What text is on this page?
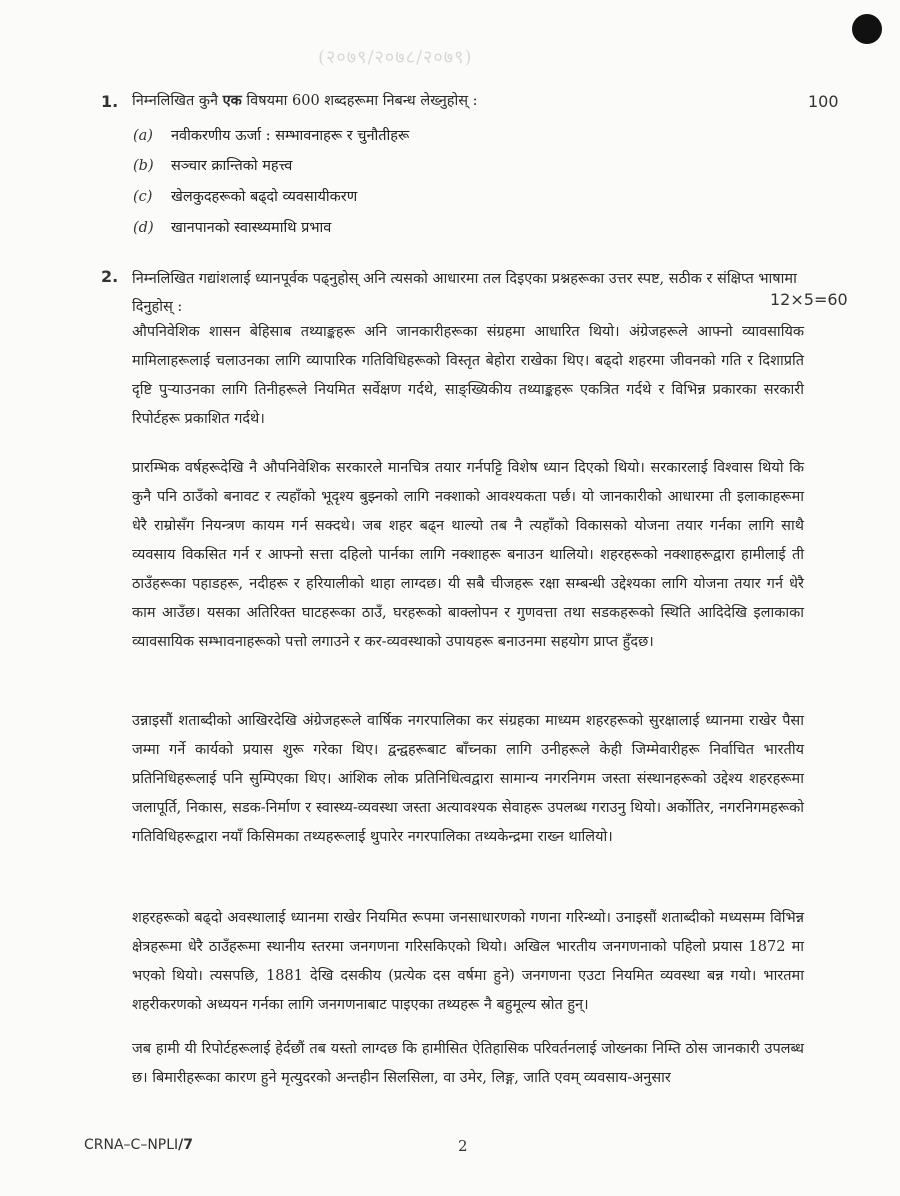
(२०७९/२०७८/२०७९)
1. निम्नलिखित कुनै एक विषयमा 600 शब्दहरूमा निबन्ध लेख्नुहोस् :	100
(a) नवीकरणीय ऊर्जा : सम्भावनाहरू र चुनौतीहरू
(b) सञ्चार क्रान्तिको महत्त्व
(c) खेलकुदहरूको बढ्दो व्यवसायीकरण
(d) खानपानको स्वास्थ्यमाथि प्रभाव
2. निम्नलिखित गद्यांशलाई ध्यानपूर्वक पढ्नुहोस् अनि त्यसको आधारमा तल दिइएका प्रश्नहरूका उत्तर स्पष्ट, सठीक र संक्षिप्त भाषामा दिनुहोस् :	12×5=60
औपनिवेशिक शासन बेहिसाब तथ्याङ्कहरू अनि जानकारीहरूका संग्रहमा आधारित थियो। अंग्रेजहरूले आफ्नो व्यावसायिक मामिलाहरूलाई चलाउनका लागि व्यापारिक गतिविधिहरूको विस्तृत बेहोरा राखेका थिए। बढ्दो शहरमा जीवनको गति र दिशाप्रति दृष्टि पुऱ्याउनका लागि तिनीहरूले नियमित सर्वेक्षण गर्दथे, साङ्ख्यिकीय तथ्याङ्कहरू एकत्रित गर्दथे र विभिन्न प्रकारका सरकारी रिपोर्टहरू प्रकाशित गर्दथे।
प्रारम्भिक वर्षहरूदेखि नै औपनिवेशिक सरकारले मानचित्र तयार गर्नपट्टि विशेष ध्यान दिएको थियो। सरकारलाई विश्वास थियो कि कुनै पनि ठाउँको बनावट र त्यहाँको भूदृश्य बुझ्नको लागि नक्शाको आवश्यकता पर्छ। यो जानकारीको आधारमा ती इलाकाहरूमा धेरै राम्रोसँग नियन्त्रण कायम गर्न सक्दथे। जब शहर बढ्न थाल्यो तब नै त्यहाँको विकासको योजना तयार गर्नका लागि साथै व्यवसाय विकसित गर्न र आफ्नो सत्ता दहिलो पार्नका लागि नक्शाहरू बनाउन थालियो। शहरहरूको नक्शाहरूद्वारा हामीलाई ती ठाउँहरूका पहाडहरू, नदीहरू र हरियालीको थाहा लाग्दछ। यी सबै चीजहरू रक्षा सम्बन्धी उद्देश्यका लागि योजना तयार गर्न धेरै काम आउँछ। यसका अतिरिक्त घाटहरूका ठाउँ, घरहरूको बाक्लोपन र गुणवत्ता तथा सडकहरूको स्थिति आदिदेखि इलाकाका व्यावसायिक सम्भावनाहरूको पत्तो लगाउने र कर-व्यवस्थाको उपायहरू बनाउनमा सहयोग प्राप्त हुँदछ।
उन्नाइसौं शताब्दीको आखिरदेखि अंग्रेजहरूले वार्षिक नगरपालिका कर संग्रहका माध्यम शहरहरूको सुरक्षालाई ध्यानमा राखेर पैसा जम्मा गर्ने कार्यको प्रयास शुरू गरेका थिए। द्वन्द्वहरूबाट बाँच्नका लागि उनीहरूले केही जिम्मेवारीहरू निर्वाचित भारतीय प्रतिनिधिहरूलाई पनि सुम्पिएका थिए। आंशिक लोक प्रतिनिधित्वद्वारा सामान्य नगरनिगम जस्ता संस्थानहरूको उद्देश्य शहरहरूमा जलापूर्ति, निकास, सडक-निर्माण र स्वास्थ्य-व्यवस्था जस्ता अत्यावश्यक सेवाहरू उपलब्ध गराउनु थियो। अर्कोतिर, नगरनिगमहरूको गतिविधिहरूद्वारा नयाँ किसिमका तथ्यहरूलाई थुपारेर नगरपालिका तथ्यकेन्द्रमा राख्न थालियो।
शहरहरूको बढ्दो अवस्थालाई ध्यानमा राखेर नियमित रूपमा जनसाधारणको गणना गरिन्थ्यो। उनाइसौं शताब्दीको मध्यसम्म विभिन्न क्षेत्रहरूमा धेरै ठाउँहरूमा स्थानीय स्तरमा जनगणना गरिसकिएको थियो। अखिल भारतीय जनगणनाको पहिलो प्रयास 1872 मा भएको थियो। त्यसपछि, 1881 देखि दसकीय (प्रत्येक दस वर्षमा हुने) जनगणना एउटा नियमित व्यवस्था बन्न गयो। भारतमा शहरीकरणको अध्ययन गर्नका लागि जनगणनाबाट पाइएका तथ्यहरू नै बहुमूल्य स्रोत हुन्।
जब हामी यी रिपोर्टहरूलाई हेर्दछौं तब यस्तो लाग्दछ कि हामीसित ऐतिहासिक परिवर्तनलाई जोख्नका निम्ति ठोस जानकारी उपलब्ध छ। बिमारीहरूका कारण हुने मृत्युदरको अन्तहीन सिलसिला, वा उमेर, लिङ्ग, जाति एवम् व्यवसाय-अनुसार
CRNA–C–NPLI/7	2
